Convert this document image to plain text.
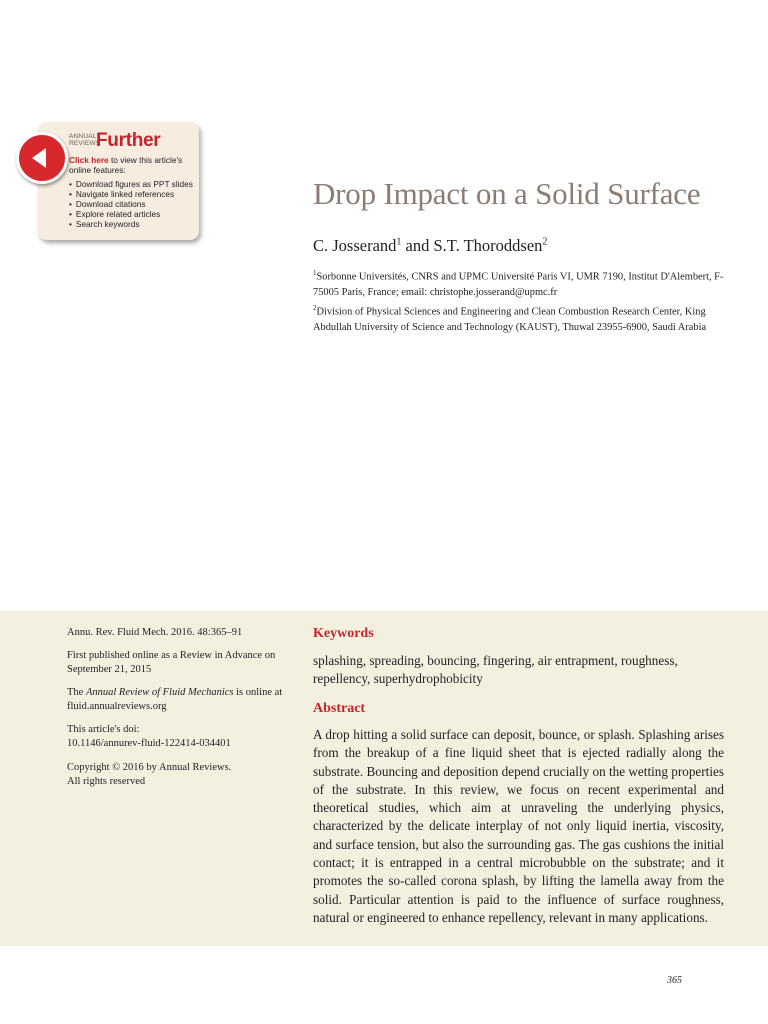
ANNUAL
REVIEWS
Further
Click here to view this article's online features:
• Download figures as PPT slides
• Navigate linked references
• Download citations
• Explore related articles
• Search keywords
Drop Impact on a Solid Surface
C. Josserand$^1$ and S.T. Thoroddsen$^2$
$^1$Sorbonne Universités, CNRS and UPMC Université Paris VI, UMR 7190, Institut D'Alembert, F-75005 Paris, France; email: christophe.josserand@upmc.fr
$^2$Division of Physical Sciences and Engineering and Clean Combustion Research Center, King Abdullah University of Science and Technology (KAUST), Thuwal 23955-6900, Saudi Arabia
Annu. Rev. Fluid Mech. 2016. 48:365–91
First published online as a Review in Advance on September 21, 2015
The Annual Review of Fluid Mechanics is online at fluid.annualreviews.org
This article's doi:
10.1146/annurev-fluid-122414-034401
Copyright © 2016 by Annual Reviews.
All rights reserved
Keywords
splashing, spreading, bouncing, fingering, air entrapment, roughness, repellency, superhydrophobicity
Abstract
A drop hitting a solid surface can deposit, bounce, or splash. Splashing arises from the breakup of a fine liquid sheet that is ejected radially along the substrate. Bouncing and deposition depend crucially on the wetting properties of the substrate. In this review, we focus on recent experimental and theoretical studies, which aim at unraveling the underlying physics, characterized by the delicate interplay of not only liquid inertia, viscosity, and surface tension, but also the surrounding gas. The gas cushions the initial contact; it is entrapped in a central microbubble on the substrate; and it promotes the so-called corona splash, by lifting the lamella away from the solid. Particular attention is paid to the influence of surface roughness, natural or engineered to enhance repellency, relevant in many applications.
365
